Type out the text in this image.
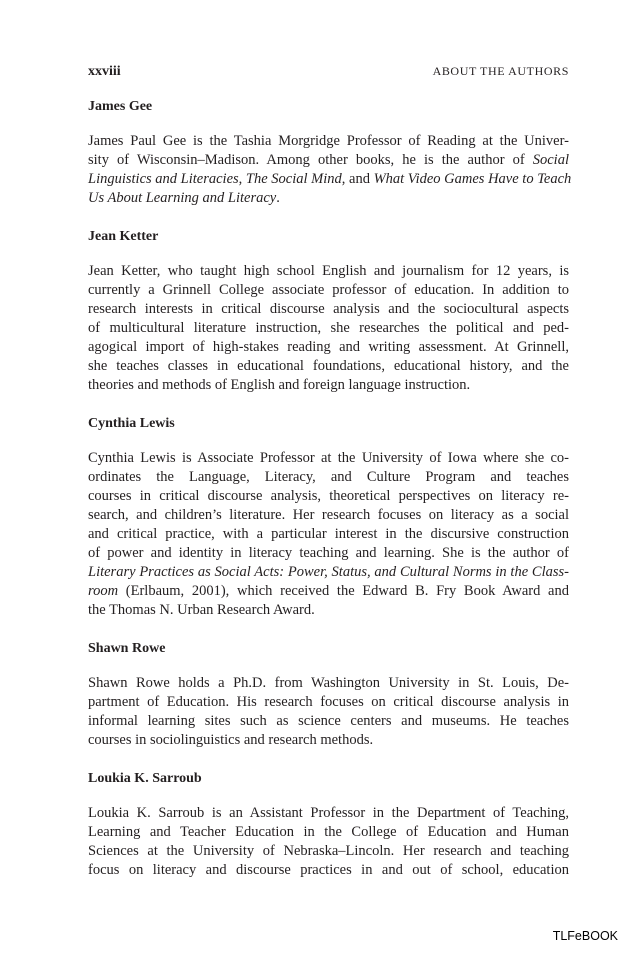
xxviii	ABOUT THE AUTHORS
James Gee
James Paul Gee is the Tashia Morgridge Professor of Reading at the Univer-
sity of Wisconsin–Madison. Among other books, he is the author of Social
Linguistics and Literacies, The Social Mind, and What Video Games Have to Teach
Us About Learning and Literacy.
Jean Ketter
Jean Ketter, who taught high school English and journalism for 12 years, is
currently a Grinnell College associate professor of education. In addition to
research interests in critical discourse analysis and the sociocultural aspects
of multicultural literature instruction, she researches the political and ped-
agogical import of high-stakes reading and writing assessment. At Grinnell,
she teaches classes in educational foundations, educational history, and the
theories and methods of English and foreign language instruction.
Cynthia Lewis
Cynthia Lewis is Associate Professor at the University of Iowa where she co-
ordinates the Language, Literacy, and Culture Program and teaches
courses in critical discourse analysis, theoretical perspectives on literacy re-
search, and children’s literature. Her research focuses on literacy as a social
and critical practice, with a particular interest in the discursive construction
of power and identity in literacy teaching and learning. She is the author of
Literary Practices as Social Acts: Power, Status, and Cultural Norms in the Class-
room (Erlbaum, 2001), which received the Edward B. Fry Book Award and
the Thomas N. Urban Research Award.
Shawn Rowe
Shawn Rowe holds a Ph.D. from Washington University in St. Louis, De-
partment of Education. His research focuses on critical discourse analysis in
informal learning sites such as science centers and museums. He teaches
courses in sociolinguistics and research methods.
Loukia K. Sarroub
Loukia K. Sarroub is an Assistant Professor in the Department of Teaching,
Learning and Teacher Education in the College of Education and Human
Sciences at the University of Nebraska–Lincoln. Her research and teaching
focus on literacy and discourse practices in and out of school, education
TLFeBOOK
